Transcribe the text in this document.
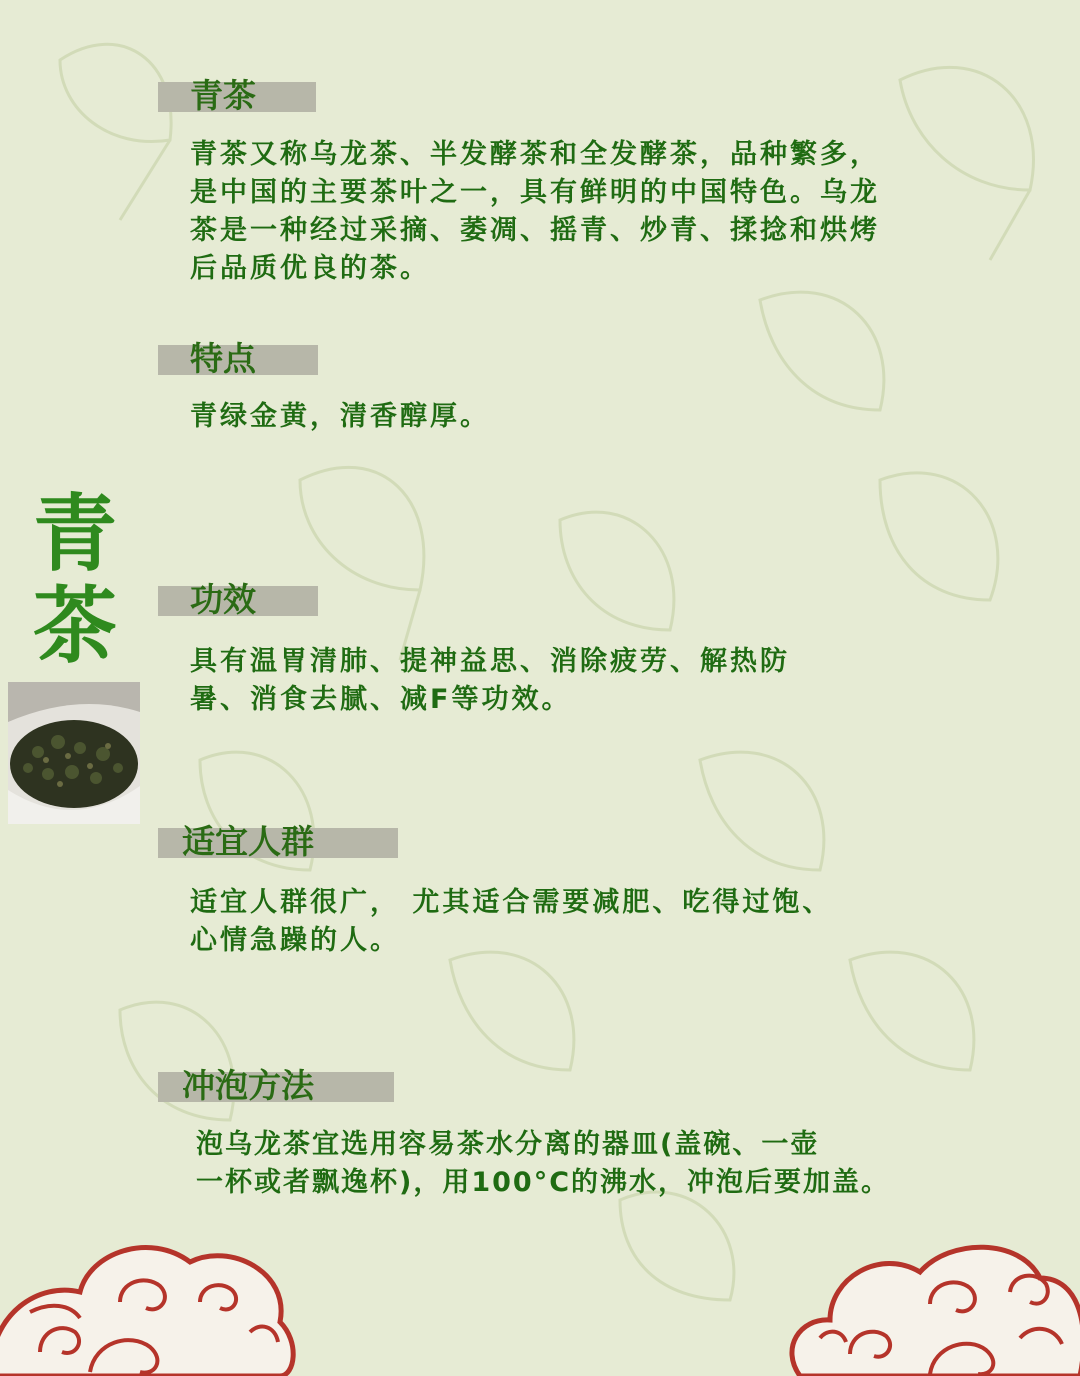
青
茶
青茶
青茶又称乌龙茶、半发酵茶和全发酵茶，品种繁多，
是中国的主要茶叶之一，具有鲜明的中国特色。乌龙
茶是一种经过采摘、萎凋、摇青、炒青、揉捻和烘烤
后品质优良的茶。
特点
青绿金黄，清香醇厚。
功效
具有温胃清肺、提神益思、消除疲劳、解热防
暑、消食去腻、减F等功效。
适宜人群
适宜人群很广， 尤其适合需要减肥、吃得过饱、
心情急躁的人。
冲泡方法
泡乌龙茶宜选用容易茶水分离的器皿(盖碗、一壶
一杯或者飘逸杯)，用100°C的沸水，冲泡后要加盖。
